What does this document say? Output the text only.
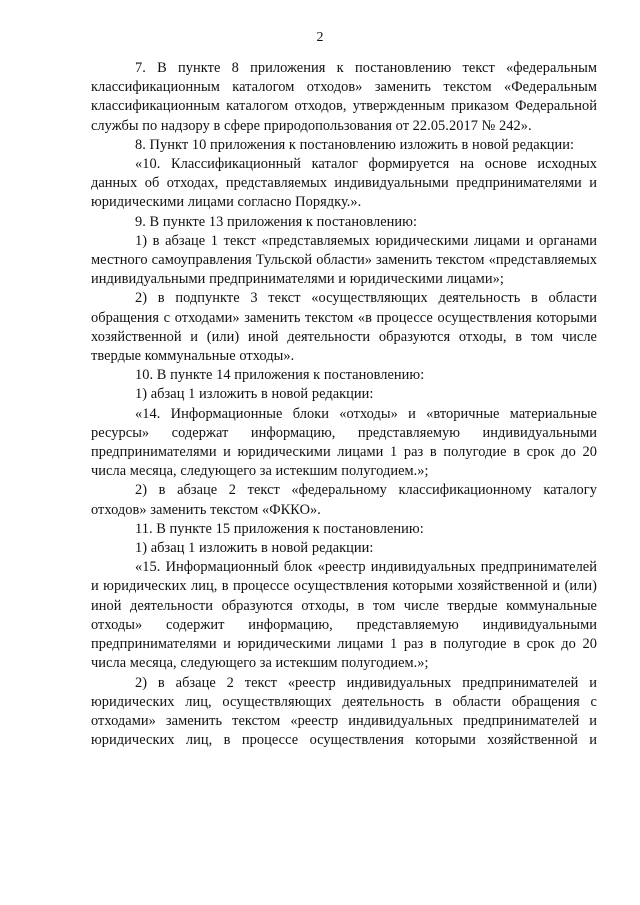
2

7. В пункте 8 приложения к постановлению текст «федеральным классификационным каталогом отходов» заменить текстом «Федеральным классификационным каталогом отходов, утвержденным приказом Федеральной службы по надзору в сфере природопользования от 22.05.2017 № 242».

8. Пункт 10 приложения к постановлению изложить в новой редакции:

«10. Классификационный каталог формируется на основе исходных данных об отходах, представляемых индивидуальными предпринимателями и юридическими лицами согласно Порядку.».

9. В пункте 13 приложения к постановлению:

1) в абзаце 1 текст «представляемых юридическими лицами и органами местного самоуправления Тульской области» заменить текстом «представляемых индивидуальными предпринимателями и юридическими лицами»;

2) в подпункте 3 текст «осуществляющих деятельность в области обращения с отходами» заменить текстом «в процессе осуществления которыми хозяйственной и (или) иной деятельности образуются отходы, в том числе твердые коммунальные отходы».

10. В пункте 14 приложения к постановлению:

1) абзац 1 изложить в новой редакции:

«14. Информационные блоки «отходы» и «вторичные материальные ресурсы» содержат информацию, представляемую индивидуальными предпринимателями и юридическими лицами 1 раз в полугодие в срок до 20 числа месяца, следующего за истекшим полугодием.»;

2) в абзаце 2 текст «федеральному классификационному каталогу отходов» заменить текстом «ФККО».

11. В пункте 15 приложения к постановлению:

1) абзац 1 изложить в новой редакции:

«15. Информационный блок «реестр индивидуальных предпринимателей и юридических лиц, в процессе осуществления которыми хозяйственной и (или) иной деятельности образуются отходы, в том числе твердые коммунальные отходы» содержит информацию, представляемую индивидуальными предпринимателями и юридическими лицами 1 раз в полугодие в срок до 20 числа месяца, следующего за истекшим полугодием.»;

2) в абзаце 2 текст «реестр индивидуальных предпринимателей и юридических лиц, осуществляющих деятельность в области обращения с отходами» заменить текстом «реестр индивидуальных предпринимателей и юридических лиц, в процессе осуществления которыми хозяйственной и
